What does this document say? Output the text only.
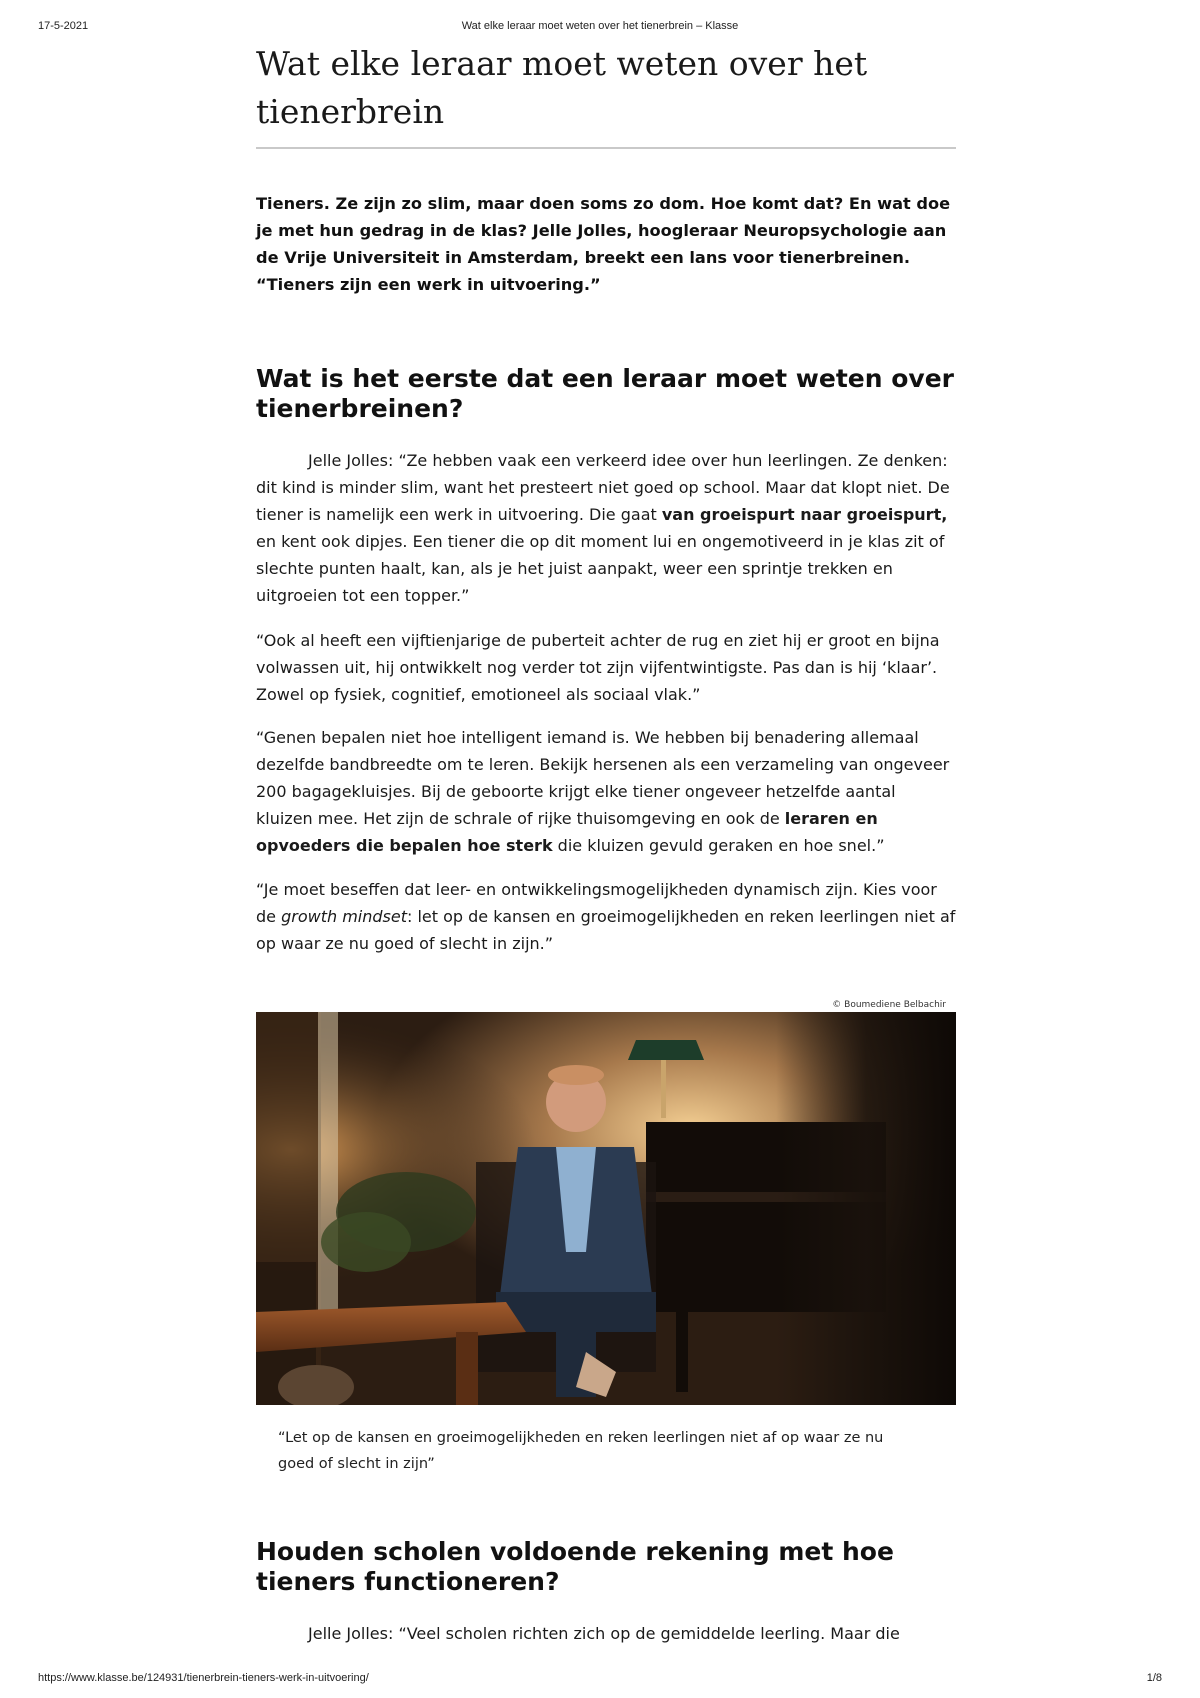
17-5-2021	Wat elke leraar moet weten over het tienerbrein – Klasse
Wat elke leraar moet weten over het tienerbrein

Tieners. Ze zijn zo slim, maar doen soms zo dom. Hoe komt dat? En wat doe je met hun gedrag in de klas? Jelle Jolles, hoogleraar Neuropsychologie aan de Vrije Universiteit in Amsterdam, breekt een lans voor tienerbreinen. “Tieners zijn een werk in uitvoering.”

Wat is het eerste dat een leraar moet weten over tienerbreinen?

Jelle Jolles: “Ze hebben vaak een verkeerd idee over hun leerlingen. Ze denken: dit kind is minder slim, want het presteert niet goed op school. Maar dat klopt niet. De tiener is namelijk een werk in uitvoering. Die gaat van groeispurt naar groeispurt, en kent ook dipjes. Een tiener die op dit moment lui en ongemotiveerd in je klas zit of slechte punten haalt, kan, als je het juist aanpakt, weer een sprintje trekken en uitgroeien tot een topper.”

“Ook al heeft een vijftienjarige de puberteit achter de rug en ziet hij er groot en bijna volwassen uit, hij ontwikkelt nog verder tot zijn vijfentwintigste. Pas dan is hij ‘klaar’. Zowel op fysiek, cognitief, emotioneel als sociaal vlak.”

“Genen bepalen niet hoe intelligent iemand is. We hebben bij benadering allemaal dezelfde bandbreedte om te leren. Bekijk hersenen als een verzameling van ongeveer 200 bagagekluisjes. Bij de geboorte krijgt elke tiener ongeveer hetzelfde aantal kluizen mee. Het zijn de schrale of rijke thuisomgeving en ook de leraren en opvoeders die bepalen hoe sterk die kluizen gevuld geraken en hoe snel.”

“Je moet beseffen dat leer- en ontwikkelingsmogelijkheden dynamisch zijn. Kies voor de growth mindset: let op de kansen en groeimogelijkheden en reken leerlingen niet af op waar ze nu goed of slecht in zijn.”

© Boumediene Belbachir

“Let op de kansen en groeimogelijkheden en reken leerlingen niet af op waar ze nu goed of slecht in zijn”

Houden scholen voldoende rekening met hoe tieners functioneren?

Jelle Jolles: “Veel scholen richten zich op de gemiddelde leerling. Maar die

https://www.klasse.be/124931/tienerbrein-tieners-werk-in-uitvoering/	1/8
